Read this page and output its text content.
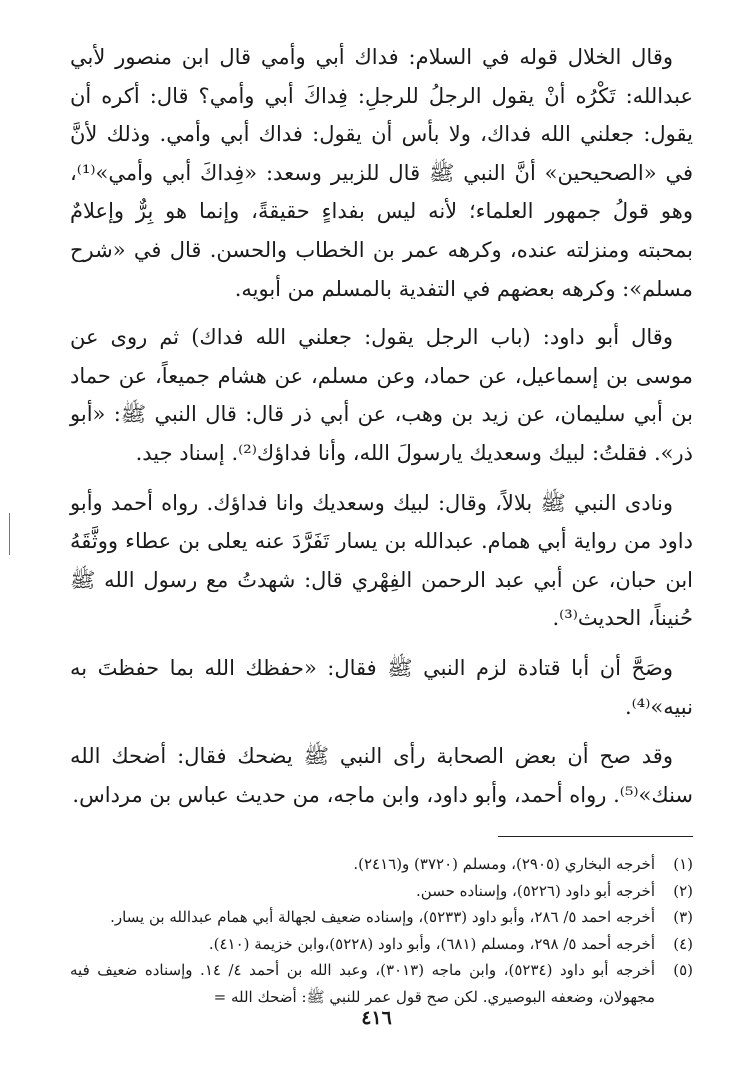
وقال الخلال قوله في السلام: فداك أبي وأمي قال ابن منصور لأبي عبدالله: تَكْرُه أنْ يقول الرجلُ للرجلِ: فِداكَ أبي وأمي؟ قال: أكره أن يقول: جعلني الله فداك، ولا بأس أن يقول: فداك أبي وأمي. وذلك لأنَّ في «الصحيحين» أنَّ النبي ﷺ قال للزبير وسعد: «فِداكَ أبي وأمي»⁽¹⁾، وهو قولُ جمهور العلماء؛ لأنه ليس بفداءٍ حقيقةً، وإنما هو بِرٌّ وإعلامٌ بمحبته ومنزلته عنده، وكرهه عمر بن الخطاب والحسن. قال في «شرح مسلم»: وكرهه بعضهم في التفدية بالمسلم من أبويه.

وقال أبو داود: (باب الرجل يقول: جعلني الله فداك) ثم روى عن موسى بن إسماعيل، عن حماد، وعن مسلم، عن هشام جميعاً، عن حماد بن أبي سليمان، عن زيد بن وهب، عن أبي ذر قال: قال النبي ﷺ: «أبو ذر». فقلتُ: لبيك وسعديك يارسولَ الله، وأنا فداؤك⁽²⁾. إسناد جيد.

ونادى النبي ﷺ بلالاً، وقال: لبيك وسعديك وانا فداؤك. رواه أحمد وأبو داود من رواية أبي همام. عبدالله بن يسار تَفَرَّدَ عنه يعلى بن عطاء ووثَّقَهُ ابن حبان، عن أبي عبد الرحمن الفِهْري قال: شهدتُ مع رسول الله ﷺ حُنيناً، الحديث⁽³⁾.

وصَحَّ أن أبا قتادة لزم النبي ﷺ فقال: «حفظك الله بما حفظتَ به نبيه»⁽⁴⁾.

وقد صح أن بعض الصحابة رأى النبي ﷺ يضحك فقال: أضحك الله سنك»⁽⁵⁾. رواه أحمد، وأبو داود، وابن ماجه، من حديث عباس بن مرداس.

(١)
أخرجه البخاري (٢٩٠٥)، ومسلم (٣٧٢٠) و(٢٤١٦).
(٢)
أخرجه أبو داود (٥٢٢٦)، وإسناده حسن.
(٣)
أخرجه احمد ٥/ ٢٨٦، وأبو داود (٥٢٣٣)، وإسناده ضعيف لجهالة أبي همام عبدالله بن يسار.
(٤)
أخرجه أحمد ٥/ ٢٩٨، ومسلم (٦٨١)، وأبو داود (٥٢٢٨)،وابن خزيمة (٤١٠).
(٥)
أخرجه أبو داود (٥٢٣٤)، وابن ماجه (٣٠١٣)، وعبد الله بن أحمد ٤/ ١٤. وإسناده ضعيف فيه مجهولان، وضعفه البوصيري. لكن صح قول عمر للنبي ﷺ: أضحك الله =
٤١٦
